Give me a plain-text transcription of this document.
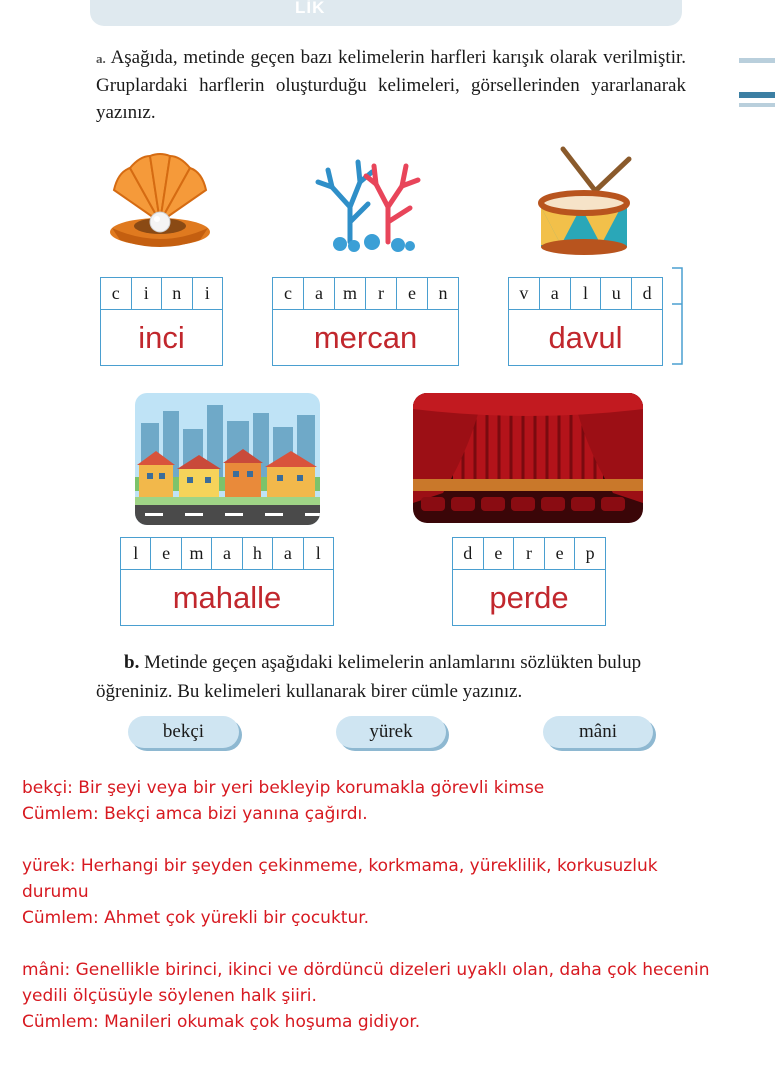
LİK
a. Aşağıda, metinde geçen bazı kelimelerin harfleri karışık olarak verilmiştir. Gruplardaki harflerin oluşturduğu kelimeleri, görsellerinden yararlanarak yazınız.
c	i	n	i
inci
c	a	m	r	e	n
mercan
v	a	l	u	d
davul
l	e	m	a	h	a	l
mahalle
d	e	r	e	p
perde
b. Metinde geçen aşağıdaki kelimelerin anlamlarını sözlükten bulup öğreniniz. Bu kelimeleri kullanarak birer cümle yazınız.
bekçi	yürek	mâni

bekçi: Bir şeyi veya bir yeri bekleyip korumakla görevli kimse

Cümlem: Bekçi amca bizi yanına çağırdı.

yürek: Herhangi bir şeyden çekinmeme, korkmama, yüreklilik, korkusuzluk

durumu

Cümlem: Ahmet çok yürekli bir çocuktur.

mâni: Genellikle birinci, ikinci ve dördüncü dizeleri uyaklı olan, daha çok hecenin

yedili ölçüsüyle söylenen halk şiiri.

Cümlem: Manileri okumak çok hoşuma gidiyor.
